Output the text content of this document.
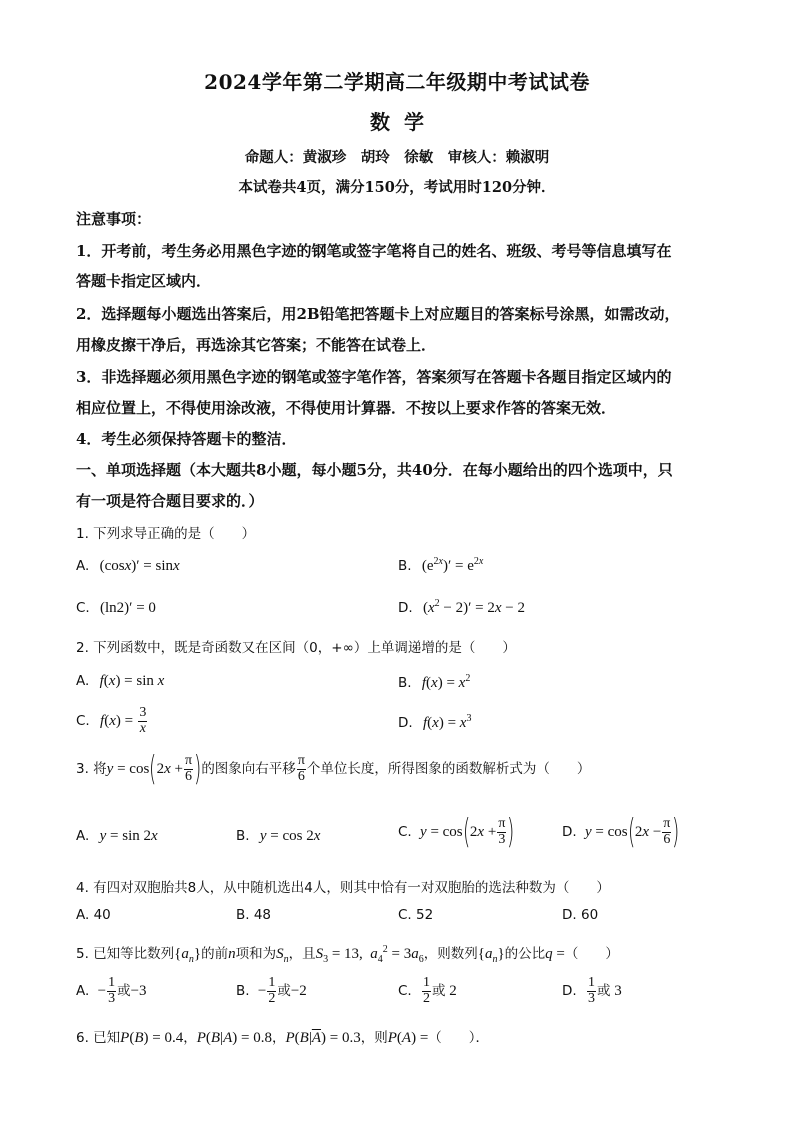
2024学年第二学期高二年级期中考试试卷
数学
命题人：黄淑珍　胡玲　徐敏　审核人：赖淑明
本试卷共4页，满分150分，考试用时120分钟．
注意事项：
1．开考前，考生务必用黑色字迹的钢笔或签字笔将自己的姓名、班级、考号等信息填写在
答题卡指定区域内．
2．选择题每小题选出答案后，用2B铅笔把答题卡上对应题目的答案标号涂黑，如需改动，
用橡皮擦干净后，再选涂其它答案；不能答在试卷上．
3．非选择题必须用黑色字迹的钢笔或签字笔作答，答案须写在答题卡各题目指定区域内的
相应位置上，不得使用涂改液，不得使用计算器．不按以上要求作答的答案无效．
4．考生必须保持答题卡的整洁．
一、单项选择题（本大题共8小题，每小题5分，共40分．在每小题给出的四个选项中，只
有一项是符合题目要求的．）
1. 下列求导正确的是（　　）
A. (cosx)′ = sinx	B. $(e^{2x})' = e^{2x}$
C. (ln2)′ = 0	D. $(x^2 - 2)' = 2x - 2$
2. 下列函数中，既是奇函数又在区间（0，+∞）上单调递增的是（　　）
A. f(x) = sin x	B. $f(x) = x^2$
C. $f(x) = \frac{3}{x}$	D. $f(x) = x^3$
3. 将$y = \cos(2x + \frac{\pi}{6}$ )的图象向右平移 $\frac{\pi}{6}$ 个单位长度，所得图象的函数解析式为（　　）
A. y = sin 2x	B. y = cos 2x	C. $y = \cos(2x + \frac{\pi}{3}$ )	D. $y = \cos(2x - \frac{\pi}{6}$ )
4. 有四对双胞胎共8人，从中随机选出4人，则其中恰有一对双胞胎的选法种数为（　　）
A. 40	B. 48	C. 52	D. 60
5. 已知等比数列$\{a_n\}$的前n项和为$S_n$，且$S_3 = 13$,  $a_4^2 = 3a_6$，则数列$\{a_n\}$的公比q =（　　）
A. − $\frac{1}{3}$ 或−3	B. − $\frac{1}{2}$ 或−2	C. $\frac{1}{2}$ 或 2	D. $\frac{1}{3}$ 或 3
6. 已知P(B) = 0.4，P(B|A) = 0.8，$P(B|\overline{A}) = 0.3$，则P(A) =（　　）．
